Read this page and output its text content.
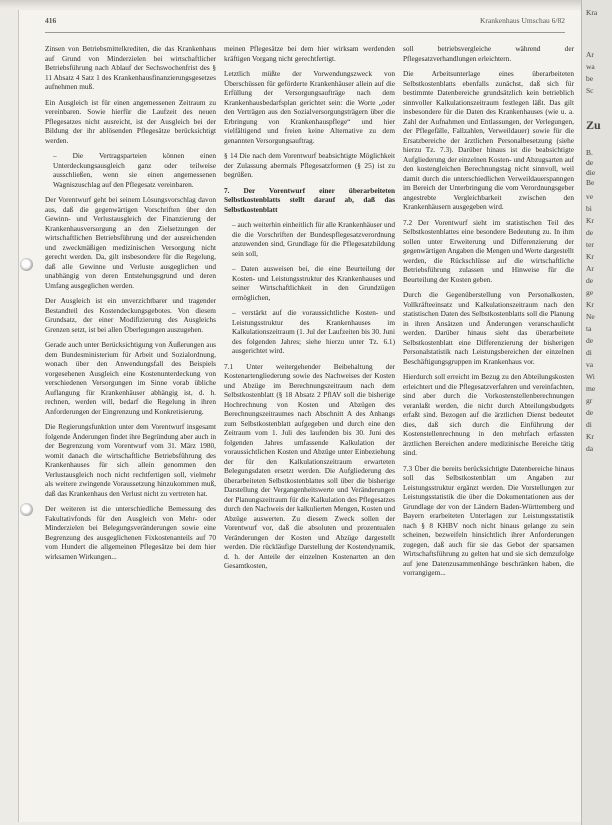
416	Krankenhaus Umschau 6/82

Zinsen von Betriebsmittelkrediten, die das Krankenhaus auf Grund von Minderzielen bei wirtschaftlicher Betriebsführung nach Ablauf der Sechswochenfrist des § 11 Absatz 4 Satz 1 des Krankenhausfinanzierungsgesetzes aufnehmen muß.

Ein Ausgleich ist für einen angemessenen Zeitraum zu vereinbaren. Sowie hierfür die Laufzeit des neuen Pflegesatzes nicht ausreicht, ist der Ausgleich bei der Bildung der ihr ablösenden Pflegesätze berücksichtigt werden.

– Die Vertragsparteien können einen Unterdeckungsausgleich ganz oder teilweise ausschließen, wenn sie einen angemessenen Wagniszuschlag auf den Pflegesatz vereinbaren.

Der Vorentwurf geht bei seinem Lösungsvorschlag davon aus, daß die gegenwärtigen Vorschriften über den Gewinn- und Verlustausgleich der Finanzierung der Krankenhausversorgung an den Zielsetzungen der wirtschaftlichen Betriebsführung und der ausreichenden und zweckmäßigen medizinischen Versorgung nicht gerecht werden. Da, gilt insbesondere für die Regelung, daß alle Gewinne und Verluste ausgeglichen und unabhängig von deren Entstehungsgrund und deren Umfang ausgeglichen werden.

Der Ausgleich ist ein unverzichtbarer und tragender Bestandteil des Kostendeckungsgebotes. Von diesem Grundsatz, der einer Modifizierung des Ausgleichs Grenzen setzt, ist bei allen Überlegungen auszugehen.

Gerade auch unter Berücksichtigung von Äußerungen aus dem Bundesministerium für Arbeit und Sozialordnung, wonach über den Anwendungsfall des Beispiels vorgesehenen Ausgleich eine Kostenunterdeckung von verschiedenen Versorgungen im Sinne vorab übliche Auflangung für Krankenhäuser abhängig ist, d. h. rechnen, werden will, bedarf die Regelung in ihren Anforderungen der Eingrenzung und Konkretisierung.

Die Regierungsfunktion unter dem Vorentwurf insgesamt folgende Änderungen findet ihre Begründung aber auch in der Begrenzung vom Vorentwurf vom 31. März 1980, womit danach die wirtschaftliche Betriebsführung des Krankenhauses für sich allein genommen den Verlustausgleich noch nicht rechtfertigen soll, vielmehr als weitere zwingende Voraussetzung hinzukommen muß, daß das Krankenhaus den Verlust nicht zu vertreten hat.

Der weiteren ist die unterschiedliche Bemessung des Fakultativfonds für den Ausgleich von Mehr- oder Minderzielen bei Belegungsveränderungen sowie eine Begrenzung des ausgeglichenen Fixkostenanteils auf 70 vom Hundert die allgemeinen Pflegesätze bei dem hier wirksamen Wirkungen...

meinen Pflegesätze bei dem hier wirksam werdenden kräftigen Vorgang nicht gerechtfertigt.

Letztlich müßte der Vorwendungszweck von Überschüssen für geförderte Krankenhäuser allein auf die Erfüllung der Versorgungsaufträge nach dem Krankenhausbedarfsplan gerichtet sein: die Worte „oder den Verträgen aus den Sozialversorgungsträgern über die Erbringung von Krankenhauspflege“ und hier vielfältigend und freien keine Alternative zu dem genannten Versorgungsauftrag.

§ 14 Die nach dem Vorentwurf beabsichtigte Möglichkeit der Zulassung abermals Pflegesatzformen (§ 25) ist zu begrüßen.

7. Der Vorentwurf einer überarbeiteten Selbstkostenblatts stellt darauf ab, daß das Selbstkostenblatt

– auch weiterhin einheitlich für alle Krankenhäuser und die die Vorschriften der Bundespflegesatzverordnung anzuwenden sind, Grundlage für die Pflegesatzbildung sein soll,

– Daten ausweisen bei, die eine Beurteilung der Kosten- und Leistungsstruktur des Krankenhauses und seiner Wirtschaftlichkeit in den Grundzügen ermöglichen,

– verstärkt auf die voraussichtliche Kosten- und Leistungsstruktur des Krankenhauses im Kalkulationszeitraum (1. Jul der Laufzeiten bis 30. Juni des folgenden Jahres; siehe hierzu unter Tz. 6.1) ausgerichtet wird.

7.1 Unter weitergehender Beibehaltung der Kostenartengliederung sowie des Nachweises der Kosten und Abzüge im Berechnungszeitraum nach dem Selbstkostenblatt (§ 18 Absatz 2 PflAV soll die bisherige Hochrechnung von Kosten und Abzügen des Berechnungszeitraumes nach Abschnitt A des Anhangs zum Selbstkostenblatt aufgegeben und durch eine den Zeitraum vom 1. Juli des laufenden bis 30. Juni des folgenden Jahres umfassende Kalkulation der voraussichtlichen Kosten und Abzüge unter Einbeziehung der für den Kalkulationszeitraum erwarteten Belegungsdaten ersetzt werden. Die Aufgliederung des überarbeiteten Selbstkostenblattes soll über die bisherige Darstellung der Vergangenheitswerte und Veränderungen der Planungszeitraum für die Kalkulation des Pflegesatzes durch den Nachweis der kalkulierten Mengen, Kosten und Abzüge auswerten. Zu diesem Zweck sollen der Vorentwurf vor, daß die absoluten und prozentualen Veränderungen der Kosten und Abzüge dargestellt werden. Die rückläufige Darstellung der Kostendynamik, d. h. der Anteile der einzelnen Kostenarten an den Gesamtkosten,

soll betriebsvergleiche während der Pflegesatzverhandlungen erleichtern.

Die Arbeitsunterlage eines überarbeiteten Selbstkostenblatts ebenfalls zunächst, daß sich für bestimmte Datenbereiche grundsätzlich kein betrieblich sinnvoller Kalkulationszeitraum festlegen läßt. Das gilt insbesondere für die Daten des Krankenhauses (wie u. a. Zahl der Aufnahmen und Entlassungen, der Verlegungen, der Pflegefälle, Fallzahlen, Verweildauer) sowie für die Ersatzbereiche der ärztlichen Personalbesetzung (siehe hierzu Tz. 7.3). Darüber hinaus ist die beabsichtigte Aufgliederung der einzelnen Kosten- und Abzugsarten auf den kostengleichen Berechnungstag nicht sinnvoll, weil damit durch die unterschiedlichen Verweildauerspanngen im Bereich der Unterbringung die vom Verordnungsgeber angestrebte Vergleichbarkeit zwischen den Krankenhäusern ausgegeben wird.

7.2 Der Vorentwurf sieht im statistischen Teil des Selbstkostenblattes eine besondere Bedeutung zu. In ihm sollen unter Erweiterung und Differenzierung der gegenwärtigen Angaben die Mengen und Werte dargestellt werden, die Rückschlüsse auf die wirtschaftliche Betriebsführung zulassen und Hinweise für die Beurteilung der Kosten geben.

Durch die Gegenüberstellung von Personalkosten, Vollkräfteeinsatz und Kalkulationszeitraum nach den statistischen Daten des Selbstkostenblatts soll die Planung in ihren Ansätzen und Änderungen veranschaulicht werden. Darüber hinaus sieht das überarbeitete Selbstkostenblatt eine Differenzierung der bisherigen Personalstatistik nach Leistungsbereichen der einzelnen Beschäftigungsgruppen im Krankenhaus vor.

Hierdurch soll erreicht im Bezug zu den Abteilungskosten erleichtert und die Pflegesatzverfahren und vereinfachten, sind aber durch die Vorkostenstellenberechnungen veranlaßt werden, die nicht durch Abteilungsbudgets erfaßt sind. Bezogen auf die ärztlichen Dienst bedeutet dies, daß sich durch die Einführung der Kostenstellenrechnung in den mehrfach erfassten ärztlichen Bereichen andere medizinische Bereiche tätig sind.

7.3 Über die bereits berücksichtigte Datenbereiche hinaus soll das Selbstkostenblatt um Angaben zur Leistungsstruktur ergänzt werden. Die Vorstellungen zur Leistungsstatistik die über die Dokumentationen aus der Grundlage der von der Ländern Baden-Württemberg und Bayern erarbeiteten Unterlagen zur Leistungsstatistik nach § 8 KHBV noch nicht hinaus gelange zu sein scheinen, bezweifeln hinsichtlich ihrer Anforderungen zugegen, daß auch für sie das Gebot der sparsamen Wirtschaftsführung zu gelten hat und sie sich demzufolge auf jene Datenzusammenhänge beschränken haben, die vorrangigem...

Kra
Ar
wa
be
Sc
Zu
B.
de
die
Be
ve
bi
Kr
de
ter
Kr
Ar
de
ge
Kr
Ne
ta
de
di
va
Wi
me
gr
de
di
Kr
da
